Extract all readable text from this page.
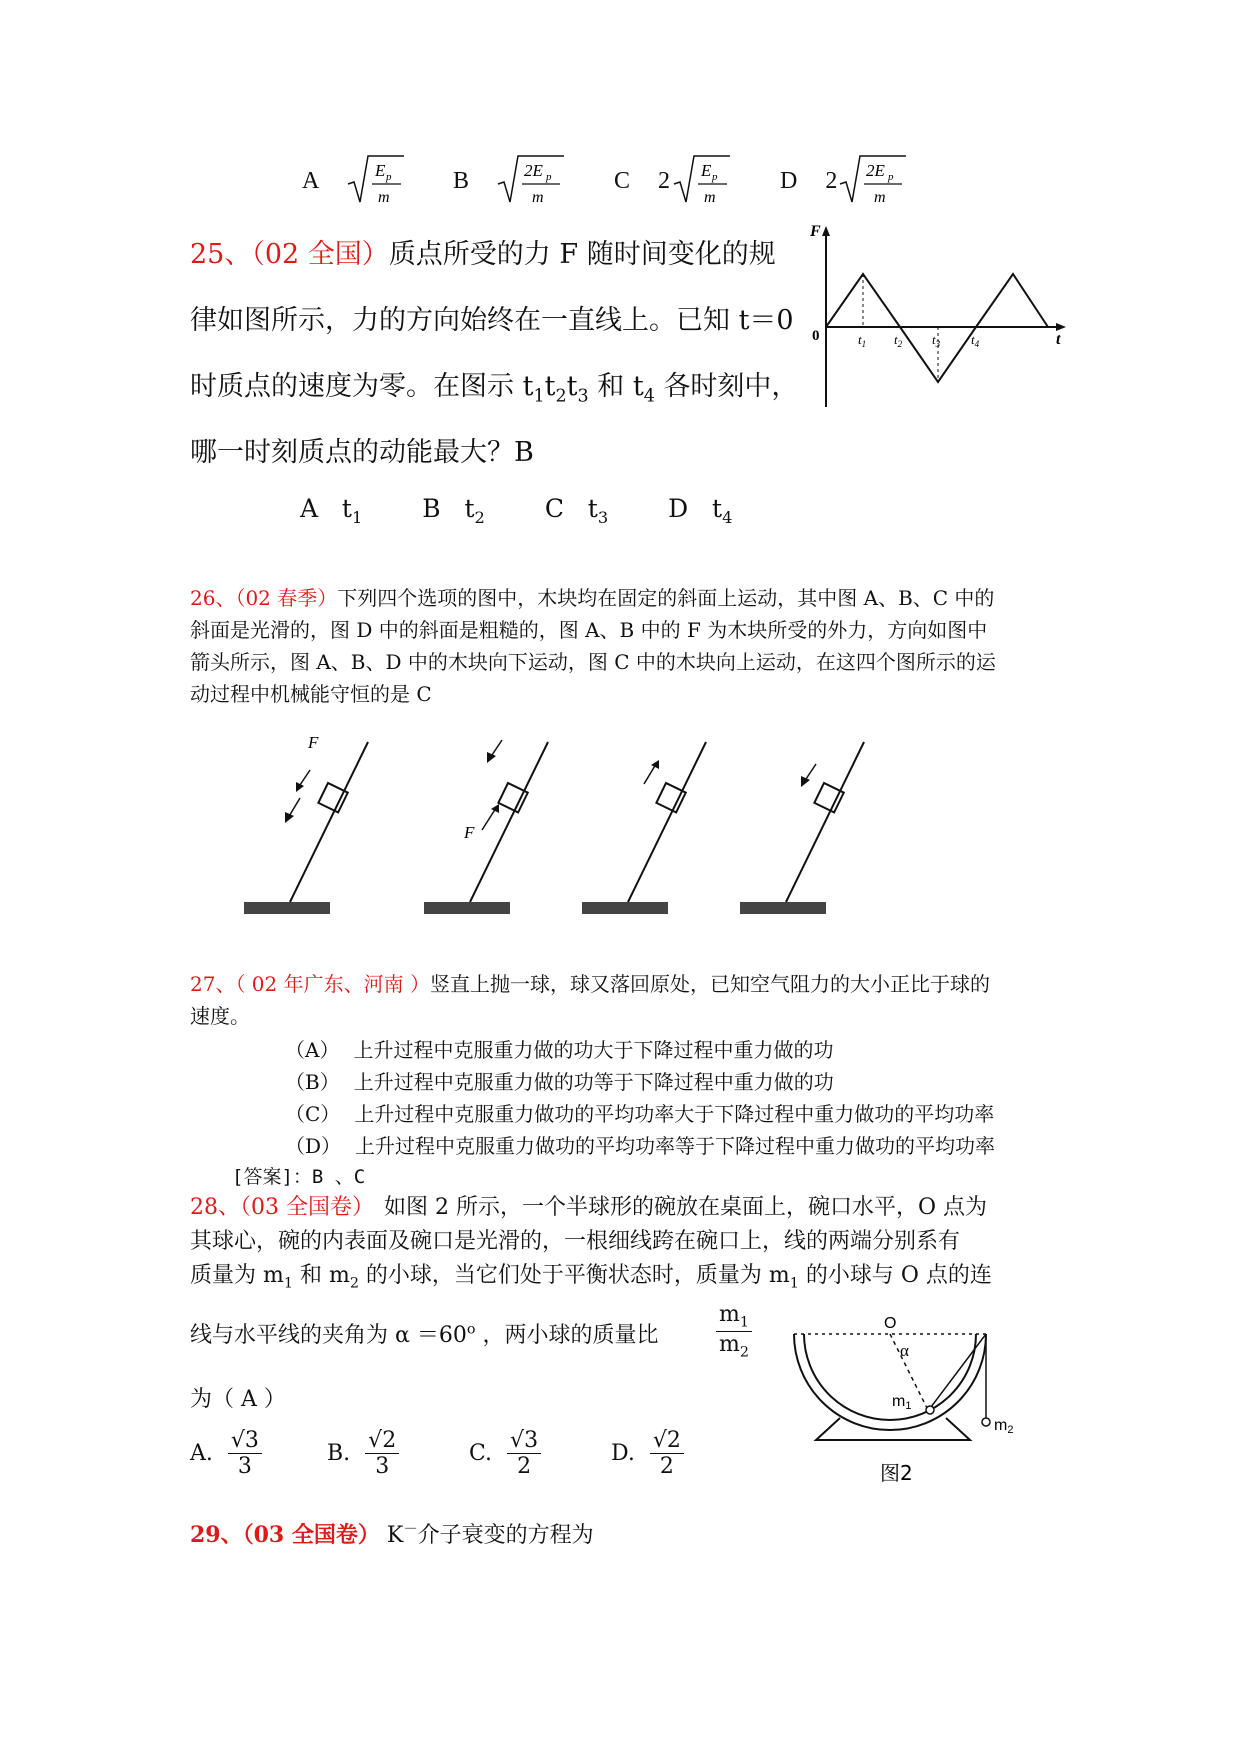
A	E p
m
B	2E p
m
C 2 E p
m
D 2 2E p
m
25、（02 全国）质点所受的力 F 随时间变化的规
律如图所示，力的方向始终在一直线上。已知 t＝0
时质点的速度为零。在图示 $t_1t_2t_3$ 和 $t_4$ 各时刻中，
哪一时刻质点的动能最大？B
A $t_1$ B $t_2$ C $t_3$ D $t_4$
F
t
0	$t_1$ $t_2$ $t_3$ $t_4$
26、（02 春季）下列四个选项的图中，木块均在固定的斜面上运动，其中图 A、B、C 中的
斜面是光滑的，图 D 中的斜面是粗糙的，图 A、B 中的 F 为木块所受的外力，方向如图中
箭头所示，图 A、B、D 中的木块向下运动，图 C 中的木块向上运动，在这四个图所示的运
动过程中机械能守恒的是 C
F
F
27、（ 02 年广东、河南 ）竖直上抛一球，球又落回原处，已知空气阻力的大小正比于球的
速度。
（A） 上升过程中克服重力做的功大于下降过程中重力做的功
（B） 上升过程中克服重力做的功等于下降过程中重力做的功
（C） 上升过程中克服重力做功的平均功率大于下降过程中重力做功的平均功率
（D） 上升过程中克服重力做功的平均功率等于下降过程中重力做功的平均功率
[答案]：B 、C
28、（03 全国卷） 如图 2 所示，一个半球形的碗放在桌面上，碗口水平，O 点为
其球心，碗的内表面及碗口是光滑的，一根细线跨在碗口上，线的两端分别系有
质量为 $m_1$ 和 $m_2$ 的小球，当它们处于平衡状态时，质量为 $m_1$ 的小球与 O 点的连
线与水平线的夹角为 $\alpha =60^o$ ，两小球的质量比	$\frac{m_1}{m_2}$
为（ A ）
A. $\frac{√3}{3}$	B. $\frac{√2}{3}$	C. $\frac{√3}{2}$	D. $\frac{√2}{2}$
O
α
m1
m2
图2
29、（03 全国卷） K－介子衰变的方程为
